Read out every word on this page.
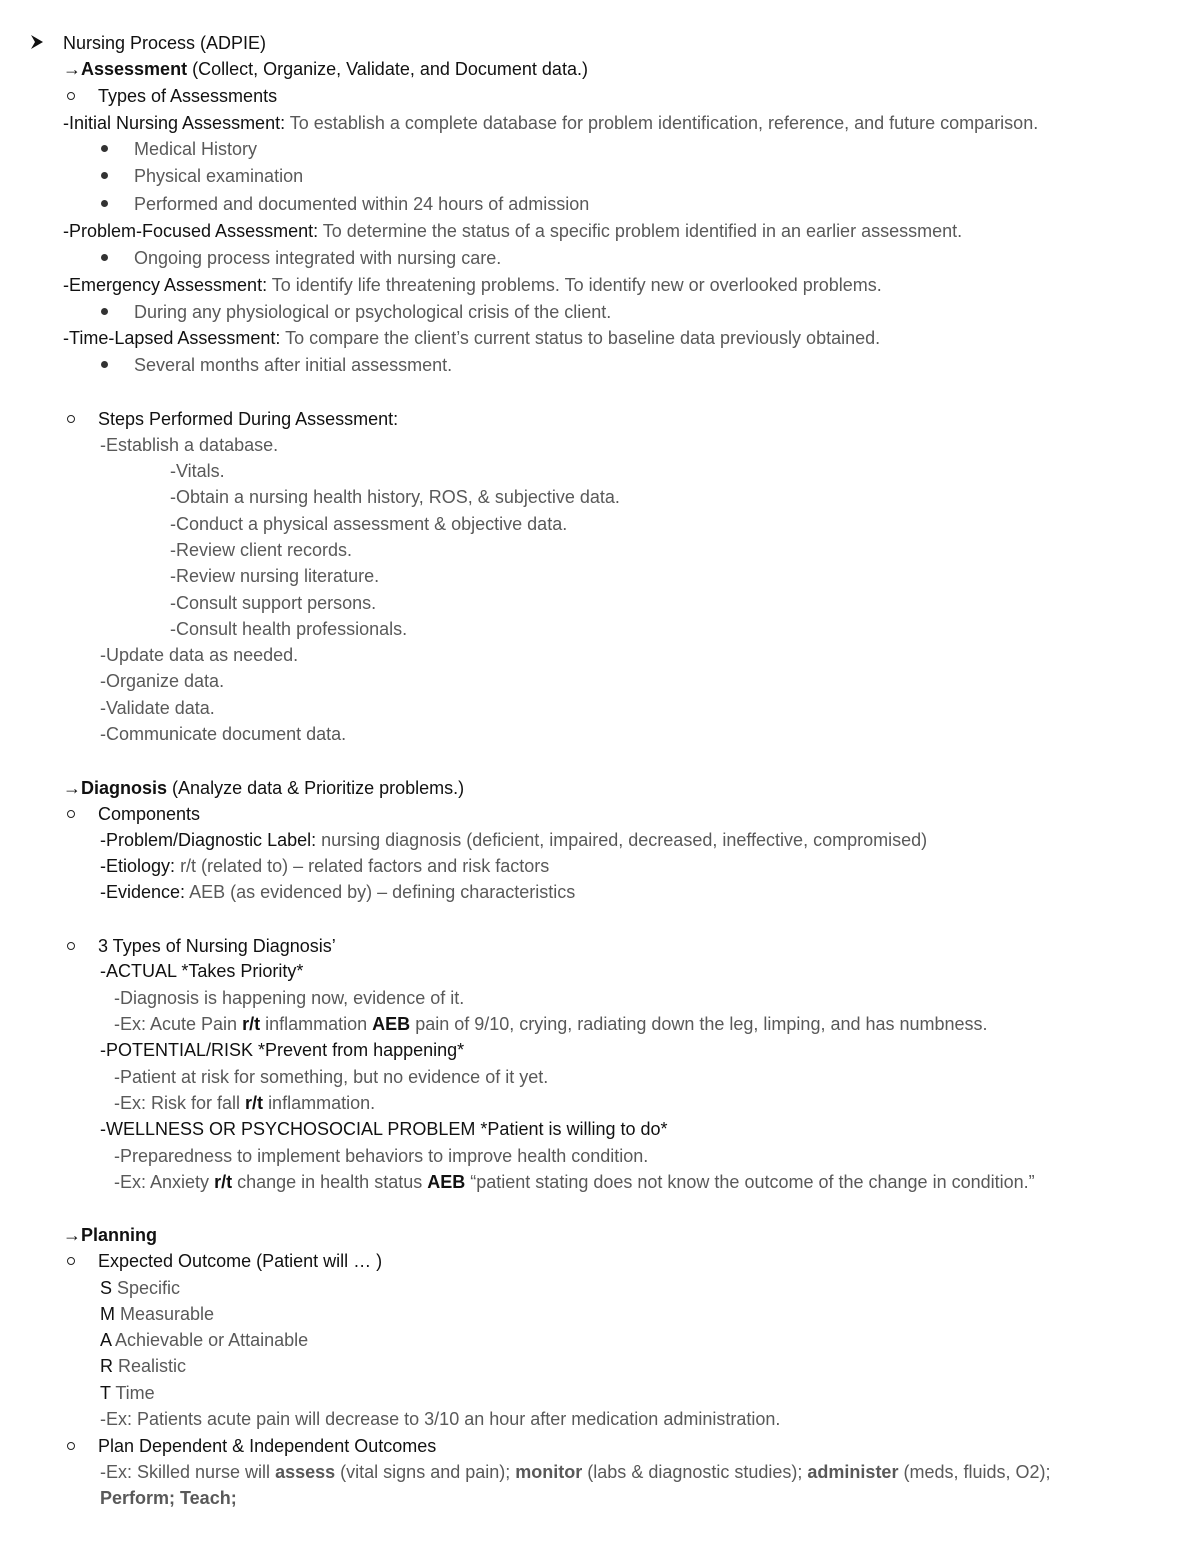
Nursing Process (ADPIE)
→Assessment (Collect, Organize, Validate, and Document data.)
Types of Assessments
-Initial Nursing Assessment: To establish a complete database for problem identification, reference, and future comparison.
Medical History
Physical examination
Performed and documented within 24 hours of admission
-Problem-Focused Assessment: To determine the status of a specific problem identified in an earlier assessment.
Ongoing process integrated with nursing care.
-Emergency Assessment: To identify life threatening problems. To identify new or overlooked problems.
During any physiological or psychological crisis of the client.
-Time-Lapsed Assessment: To compare the client’s current status to baseline data previously obtained.
Several months after initial assessment.
Steps Performed During Assessment:
-Establish a database.
-Vitals.
-Obtain a nursing health history, ROS, & subjective data.
-Conduct a physical assessment & objective data.
-Review client records.
-Review nursing literature.
-Consult support persons.
-Consult health professionals.
-Update data as needed.
-Organize data.
-Validate data.
-Communicate document data.
→Diagnosis (Analyze data & Prioritize problems.)
Components
-Problem/Diagnostic Label: nursing diagnosis (deficient, impaired, decreased, ineffective, compromised)
-Etiology: r/t (related to) – related factors and risk factors
-Evidence: AEB (as evidenced by) – defining characteristics
3 Types of Nursing Diagnosis’
-ACTUAL *Takes Priority*
-Diagnosis is happening now, evidence of it.
-Ex: Acute Pain r/t inflammation AEB pain of 9/10, crying, radiating down the leg, limping, and has numbness.
-POTENTIAL/RISK *Prevent from happening*
-Patient at risk for something, but no evidence of it yet.
-Ex: Risk for fall r/t inflammation.
-WELLNESS OR PSYCHOSOCIAL PROBLEM *Patient is willing to do*
-Preparedness to implement behaviors to improve health condition.
-Ex: Anxiety r/t change in health status AEB “patient stating does not know the outcome of the change in condition.”
→Planning
Expected Outcome (Patient will … )
S Specific
M Measurable
A Achievable or Attainable
R Realistic
T Time
-Ex: Patients acute pain will decrease to 3/10 an hour after medication administration.
Plan Dependent & Independent Outcomes
-Ex: Skilled nurse will assess (vital signs and pain); monitor (labs & diagnostic studies); administer (meds, fluids, O2);
Perform; Teach;
